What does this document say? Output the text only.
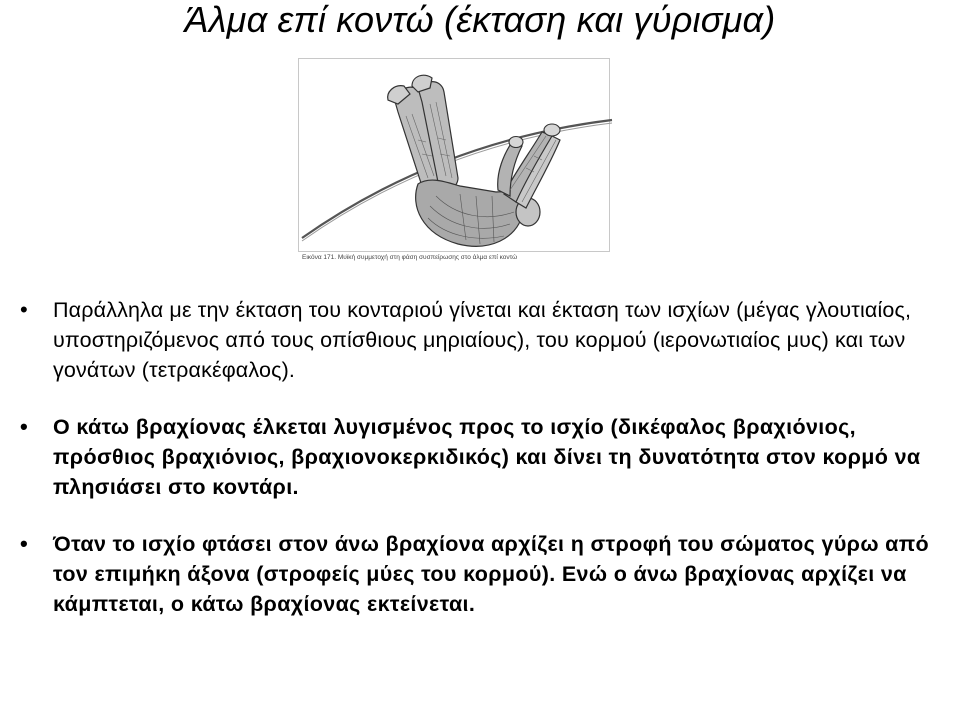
Άλμα επί κοντώ (έκταση και γύρισμα)
Εικόνα 171. Μυϊκή συμμετοχή στη φάση συσπείρωσης στο άλμα επί κοντώ
• Παράλληλα με την έκταση του κονταριού γίνεται και έκταση των ισχίων (μέγας γλουτιαίος, υποστηριζόμενος από τους οπίσθιους μηριαίους), του κορμού (ιερονωτιαίος μυς) και των γονάτων (τετρακέφαλος).
• Ο κάτω βραχίονας έλκεται λυγισμένος προς το ισχίο (δικέφαλος βραχιόνιος, πρόσθιος βραχιόνιος, βραχιονοκερκιδικός) και δίνει τη δυνατότητα στον κορμό να πλησιάσει στο κοντάρι.
• Όταν το ισχίο φτάσει στον άνω βραχίονα αρχίζει η στροφή του σώματος γύρω από τον επιμήκη άξονα (στροφείς μύες του κορμού). Ενώ ο άνω βραχίονας αρχίζει να κάμπτεται, ο κάτω βραχίονας εκτείνεται.
